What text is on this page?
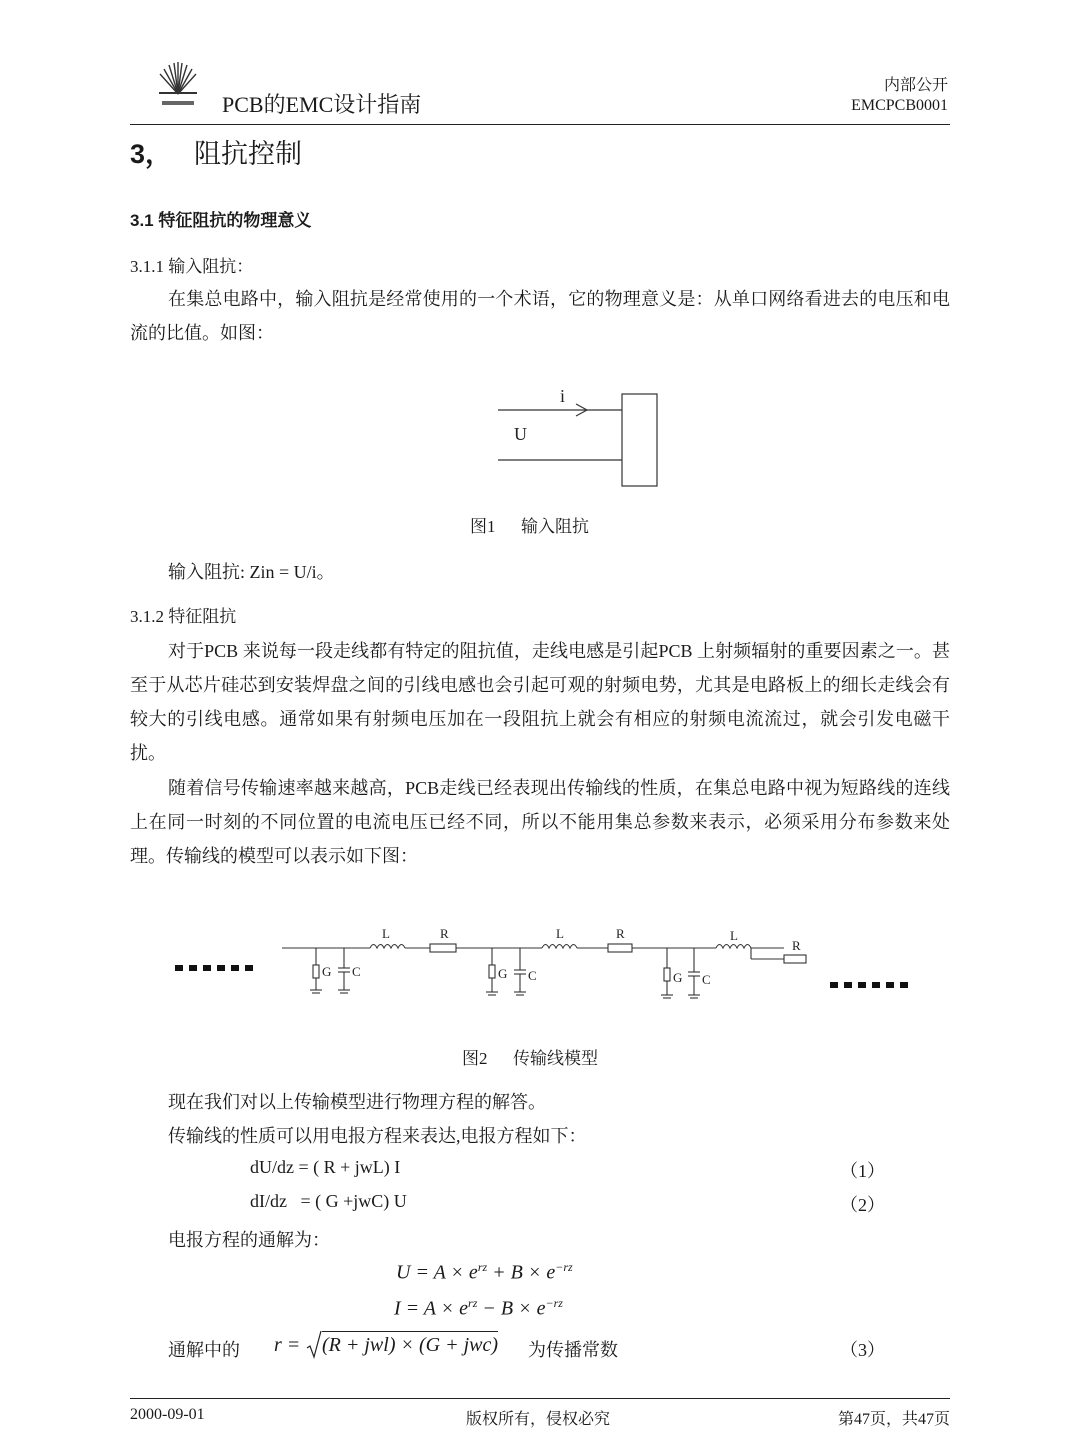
PCB的EMC设计指南
内部公开
EMCPCB0001
3， 阻抗控制
3.1 特征阻抗的物理意义
3.1.1 输入阻抗：
在集总电路中，输入阻抗是经常使用的一个术语，它的物理意义是：从单口网络看进去的电压和电流的比值。如图：
i
U
图1      输入阻抗
输入阻抗: Zin = U/i。
3.1.2 特征阻抗
对于PCB 来说每一段走线都有特定的阻抗值，走线电感是引起PCB 上射频辐射的重要因素之一。甚至于从芯片硅芯到安装焊盘之间的引线电感也会引起可观的射频电势，尤其是电路板上的细长走线会有较大的引线电感。通常如果有射频电压加在一段阻抗上就会有相应的射频电流流过，就会引发电磁干扰。
随着信号传输速率越来越高，PCB走线已经表现出传输线的性质，在集总电路中视为短路线的连线上在同一时刻的不同位置的电流电压已经不同，所以不能用集总参数来表示，必须采用分布参数来处理。传输线的模型可以表示如下图：
L	R	L	R	L
R
G C	G C	G C
图2      传输线模型
现在我们对以上传输模型进行物理方程的解答。
传输线的性质可以用电报方程来表达,电报方程如下：
dU/dz = ( R + jwL) I	（1）
dI/dz   = ( G +jwC) U	（2）
电报方程的通解为：
$U = A \times e^{rz} + B \times e^{-rz}$
$I = A \times e^{rz} - B \times e^{-rz}$
通解中的 r = (R + jwl) × (G + jwc) 为传播常数	（3）
2000-09-01	版权所有，侵权必究	第47页，共47页
